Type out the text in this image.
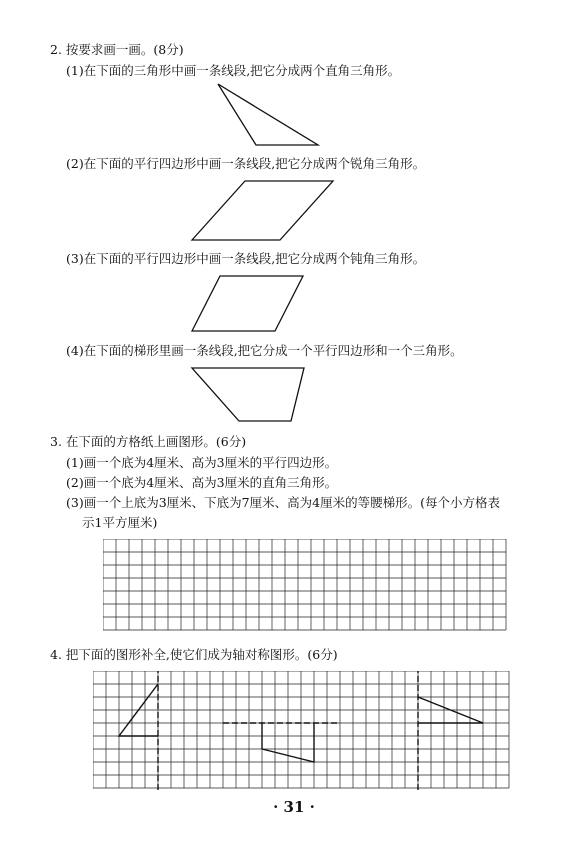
2. 按要求画一画。(8分)
(1)在下面的三角形中画一条线段,把它分成两个直角三角形。
(2)在下面的平行四边形中画一条线段,把它分成两个锐角三角形。
(3)在下面的平行四边形中画一条线段,把它分成两个钝角三角形。
(4)在下面的梯形里画一条线段,把它分成一个平行四边形和一个三角形。
3. 在下面的方格纸上画图形。(6分)
(1)画一个底为4厘米、高为3厘米的平行四边形。
(2)画一个底为4厘米、高为3厘米的直角三角形。
(3)画一个上底为3厘米、下底为7厘米、高为4厘米的等腰梯形。(每个小方格表
示1平方厘米)
4. 把下面的图形补全,使它们成为轴对称图形。(6分)
· 31 ·
